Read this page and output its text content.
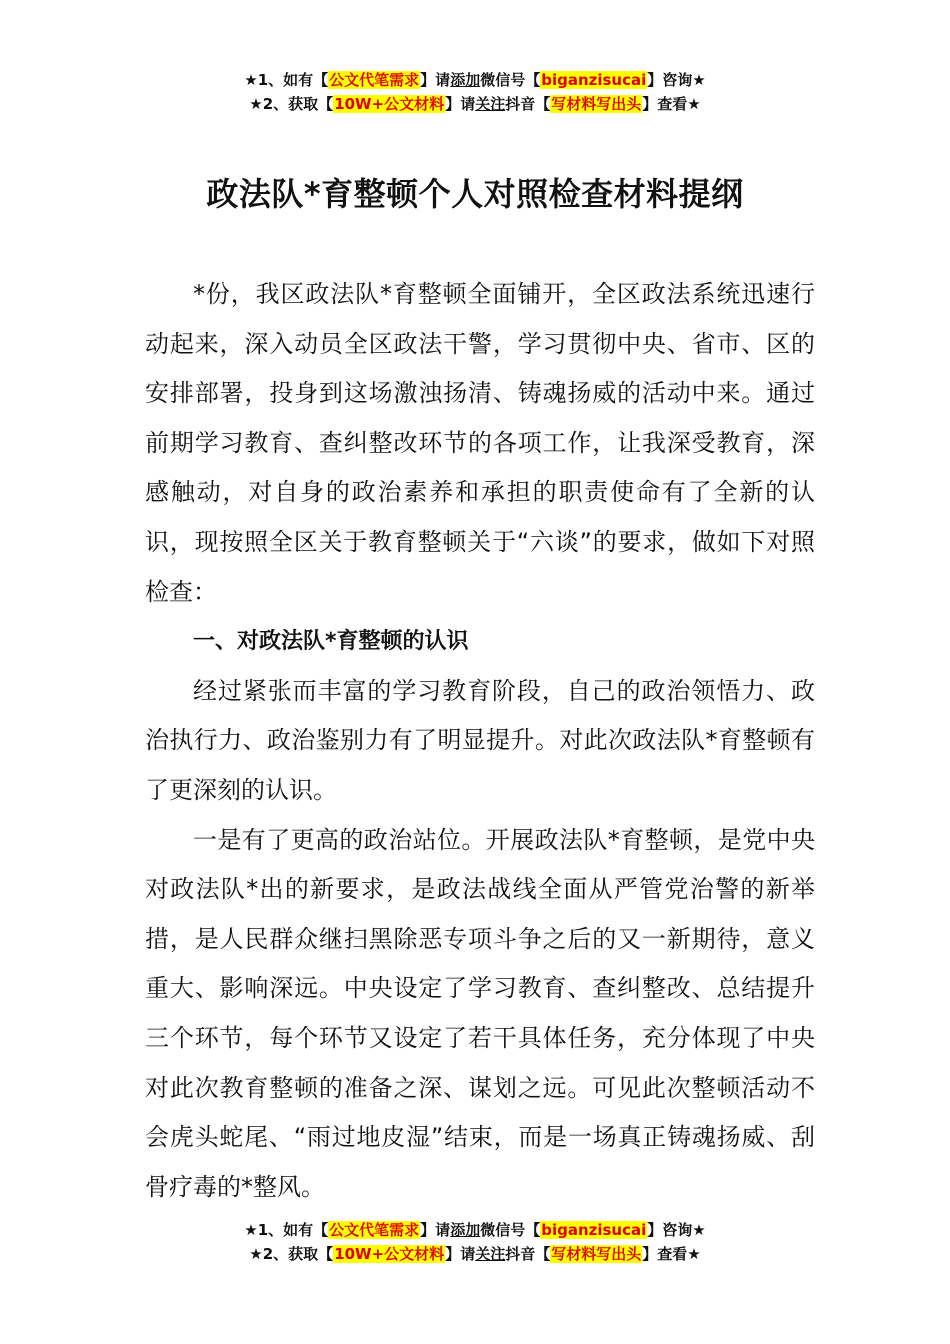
★1、如有【公文代笔需求】请添加微信号【biganzisucai】咨询★
★2、获取【10W+公文材料】请关注抖音【写材料写出头】查看★
政法队*育整顿个人对照检查材料提纲

*份，我区政法队*育整顿全面铺开，全区政法系统迅速行动起来，深入动员全区政法干警，学习贯彻中央、省市、区的安排部署，投身到这场激浊扬清、铸魂扬威的活动中来。通过前期学习教育、查纠整改环节的各项工作，让我深受教育，深感触动，对自身的政治素养和承担的职责使命有了全新的认识，现按照全区关于教育整顿关于“六谈”的要求，做如下对照检查：

一、对政法队*育整顿的认识

经过紧张而丰富的学习教育阶段，自己的政治领悟力、政治执行力、政治鉴别力有了明显提升。对此次政法队*育整顿有了更深刻的认识。

一是有了更高的政治站位。开展政法队*育整顿，是党中央对政法队*出的新要求，是政法战线全面从严管党治警的新举措，是人民群众继扫黑除恶专项斗争之后的又一新期待，意义重大、影响深远。中央设定了学习教育、查纠整改、总结提升三个环节，每个环节又设定了若干具体任务，充分体现了中央对此次教育整顿的准备之深、谋划之远。可见此次整顿活动不会虎头蛇尾、“雨过地皮湿”结束，而是一场真正铸魂扬威、刮骨疗毒的*整风。

★1、如有【公文代笔需求】请添加微信号【biganzisucai】咨询★
★2、获取【10W+公文材料】请关注抖音【写材料写出头】查看★
